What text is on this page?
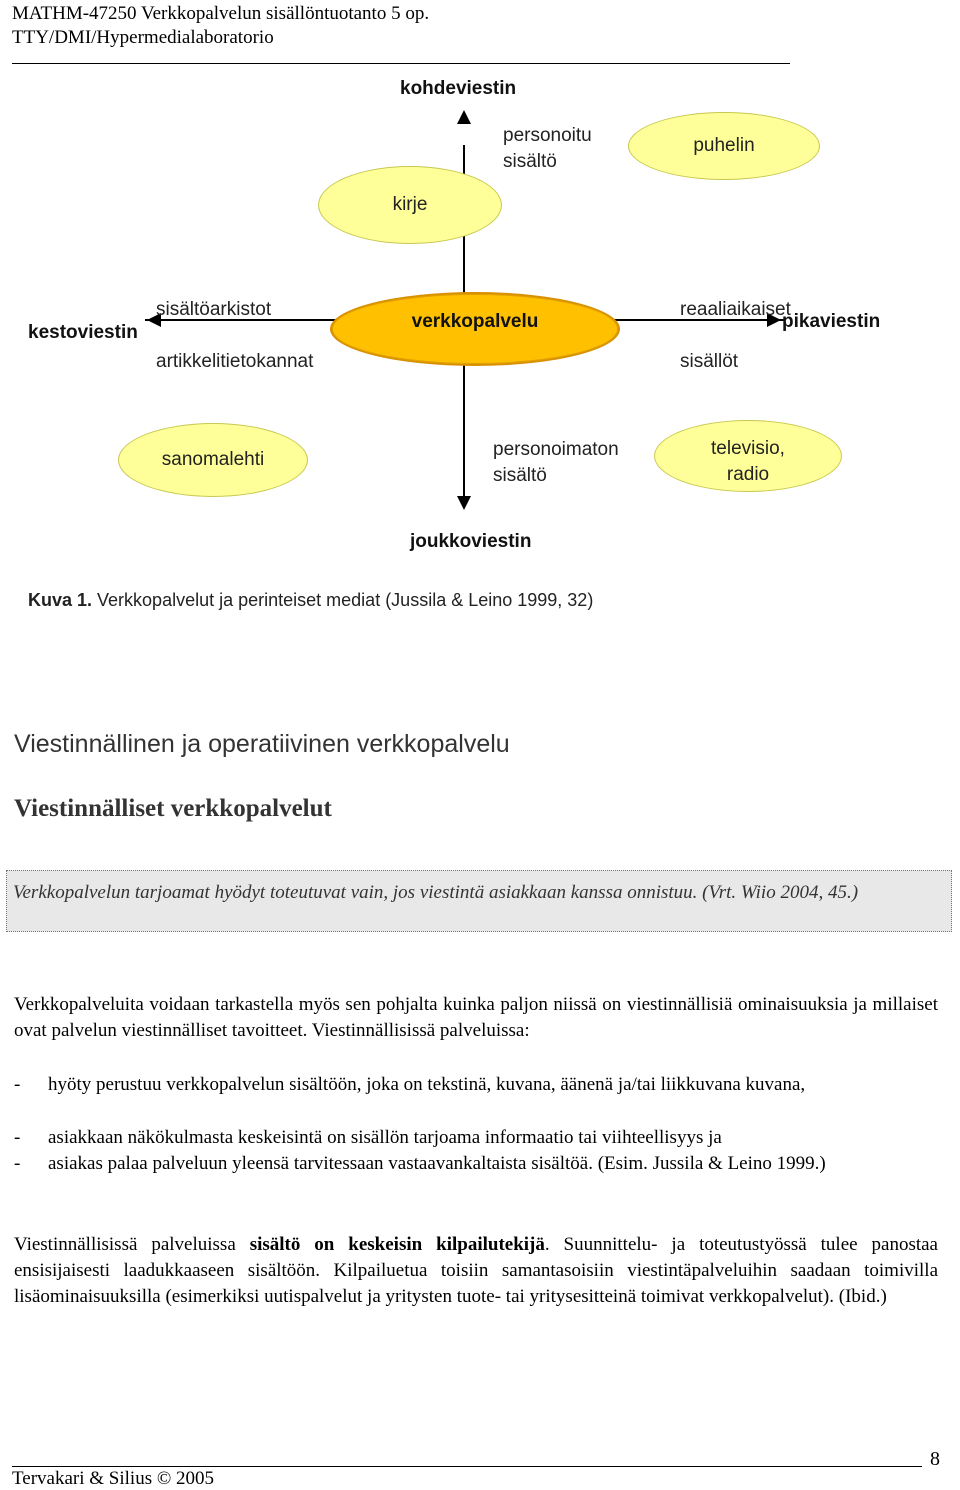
MATHM-47250 Verkkopalvelun sisällöntuotanto 5 op.
TTY/DMI/Hypermedialaboratorio
kohdeviestin
personoitu
sisältö
puhelin
kirje
kestoviestin
sisältöarkistot
artikkelitietokannat
verkkopalvelu
reaaliaikaiset
sisällöt
pikaviestin
sanomalehti	personoimaton
sisältö
televisio,
radio
joukkoviestin
Kuva 1. Verkkopalvelut ja perinteiset mediat (Jussila & Leino 1999, 32)
Viestinnällinen ja operatiivinen verkkopalvelu
Viestinnälliset verkkopalvelut
Verkkopalvelun tarjoamat hyödyt toteutuvat vain, jos viestintä asiakkaan kanssa onnistuu. (Vrt. Wiio 2004, 45.)
Verkkopalveluita voidaan tarkastella myös sen pohjalta kuinka paljon niissä on viestinnällisiä ominaisuuksia ja millaiset ovat palvelun viestinnälliset tavoitteet. Viestinnällisissä palveluissa:
- hyöty perustuu verkkopalvelun sisältöön, joka on tekstinä, kuvana, äänenä ja/tai liikkuvana kuvana,
- asiakkaan näkökulmasta keskeisintä on sisällön tarjoama informaatio tai viihteellisyys ja
- asiakas palaa palveluun yleensä tarvitessaan vastaavankaltaista sisältöä. (Esim. Jussila & Leino 1999.)
Viestinnällisissä palveluissa sisältö on keskeisin kilpailutekijä. Suunnittelu- ja toteutustyössä tulee panostaa ensisijaisesti laadukkaaseen sisältöön. Kilpailuetua toisiin samantasoisiin viestintäpalveluihin saadaan toimivilla lisäominaisuuksilla (esimerkiksi uutispalvelut ja yritysten tuote- tai yritysesitteinä toimivat verkkopalvelut). (Ibid.)
8
Tervakari & Silius © 2005
